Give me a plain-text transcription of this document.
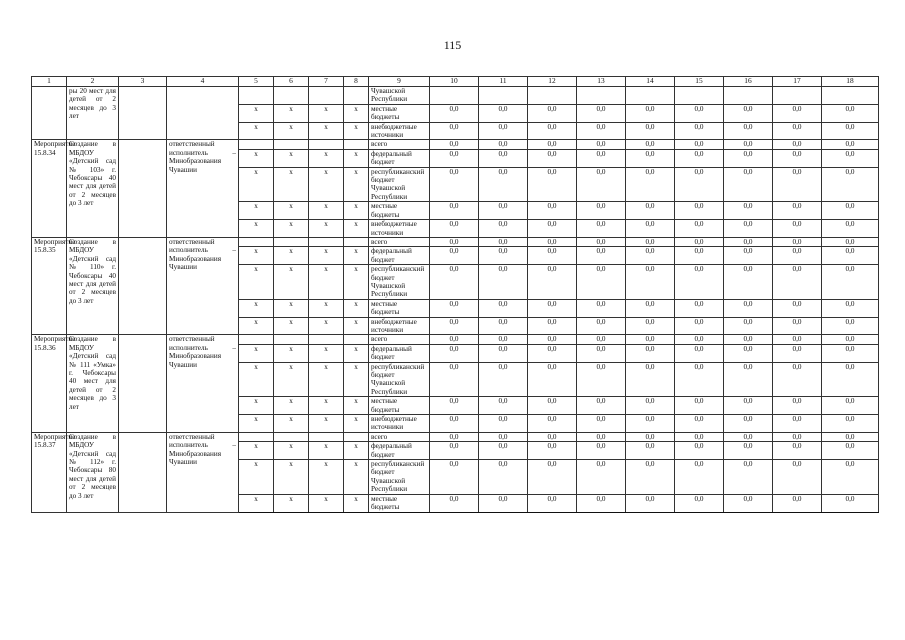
115
1	2	3	4	5	6	7	8	9	10	11	12	13	14	15	16	17	18
	ры 20 мест для детей от 2 месяцев до 3 лет							Чувашской Республики									
				х	х	х	х	местные бюджеты	0,0	0,0	0,0	0,0	0,0	0,0	0,0	0,0	0,0
				х	х	х	х	внебюджетные источники	0,0	0,0	0,0	0,0	0,0	0,0	0,0	0,0	0,0
Мероприятие 15.8.34	Создание в МБДОУ «Детский сад № 103» г. Чебоксары 40 мест для детей от 2 месяцев до 3 лет		ответственный исполнитель – Минобразования Чувашии					всего	0,0	0,0	0,0	0,0	0,0	0,0	0,0	0,0	0,0
				х	х	х	х	федеральный бюджет	0,0	0,0	0,0	0,0	0,0	0,0	0,0	0,0	0,0
				х	х	х	х	республиканский бюджет Чувашской Республики	0,0	0,0	0,0	0,0	0,0	0,0	0,0	0,0	0,0
				х	х	х	х	местные бюджеты	0,0	0,0	0,0	0,0	0,0	0,0	0,0	0,0	0,0
				х	х	х	х	внебюджетные источники	0,0	0,0	0,0	0,0	0,0	0,0	0,0	0,0	0,0
Мероприятие 15.8.35	Создание в МБДОУ «Детский сад № 110» г. Чебоксары 40 мест для детей от 2 месяцев до 3 лет		ответственный исполнитель – Минобразования Чувашии					всего	0,0	0,0	0,0	0,0	0,0	0,0	0,0	0,0	0,0
				х	х	х	х	федеральный бюджет	0,0	0,0	0,0	0,0	0,0	0,0	0,0	0,0	0,0
				х	х	х	х	республиканский бюджет Чувашской Республики	0,0	0,0	0,0	0,0	0,0	0,0	0,0	0,0	0,0
				х	х	х	х	местные бюджеты	0,0	0,0	0,0	0,0	0,0	0,0	0,0	0,0	0,0
				х	х	х	х	внебюджетные источники	0,0	0,0	0,0	0,0	0,0	0,0	0,0	0,0	0,0
Мероприятие 15.8.36	Создание в МБДОУ «Детский сад № 111 «Умка» г. Чебоксары 40 мест для детей от 2 месяцев до 3 лет		ответственный исполнитель – Минобразования Чувашии					всего	0,0	0,0	0,0	0,0	0,0	0,0	0,0	0,0	0,0
				х	х	х	х	федеральный бюджет	0,0	0,0	0,0	0,0	0,0	0,0	0,0	0,0	0,0
				х	х	х	х	республиканский бюджет Чувашской Республики	0,0	0,0	0,0	0,0	0,0	0,0	0,0	0,0	0,0
				х	х	х	х	местные бюджеты	0,0	0,0	0,0	0,0	0,0	0,0	0,0	0,0	0,0
				х	х	х	х	внебюджетные источники	0,0	0,0	0,0	0,0	0,0	0,0	0,0	0,0	0,0
Мероприятие 15.8.37	Создание в МБДОУ «Детский сад № 112» г. Чебоксары 80 мест для детей от 2 месяцев до 3 лет		ответственный исполнитель – Минобразования Чувашии					всего	0,0	0,0	0,0	0,0	0,0	0,0	0,0	0,0	0,0
				х	х	х	х	федеральный бюджет	0,0	0,0	0,0	0,0	0,0	0,0	0,0	0,0	0,0
				х	х	х	х	республиканский бюджет Чувашской Республики	0,0	0,0	0,0	0,0	0,0	0,0	0,0	0,0	0,0
				х	х	х	х	местные бюджеты	0,0	0,0	0,0	0,0	0,0	0,0	0,0	0,0	0,0
